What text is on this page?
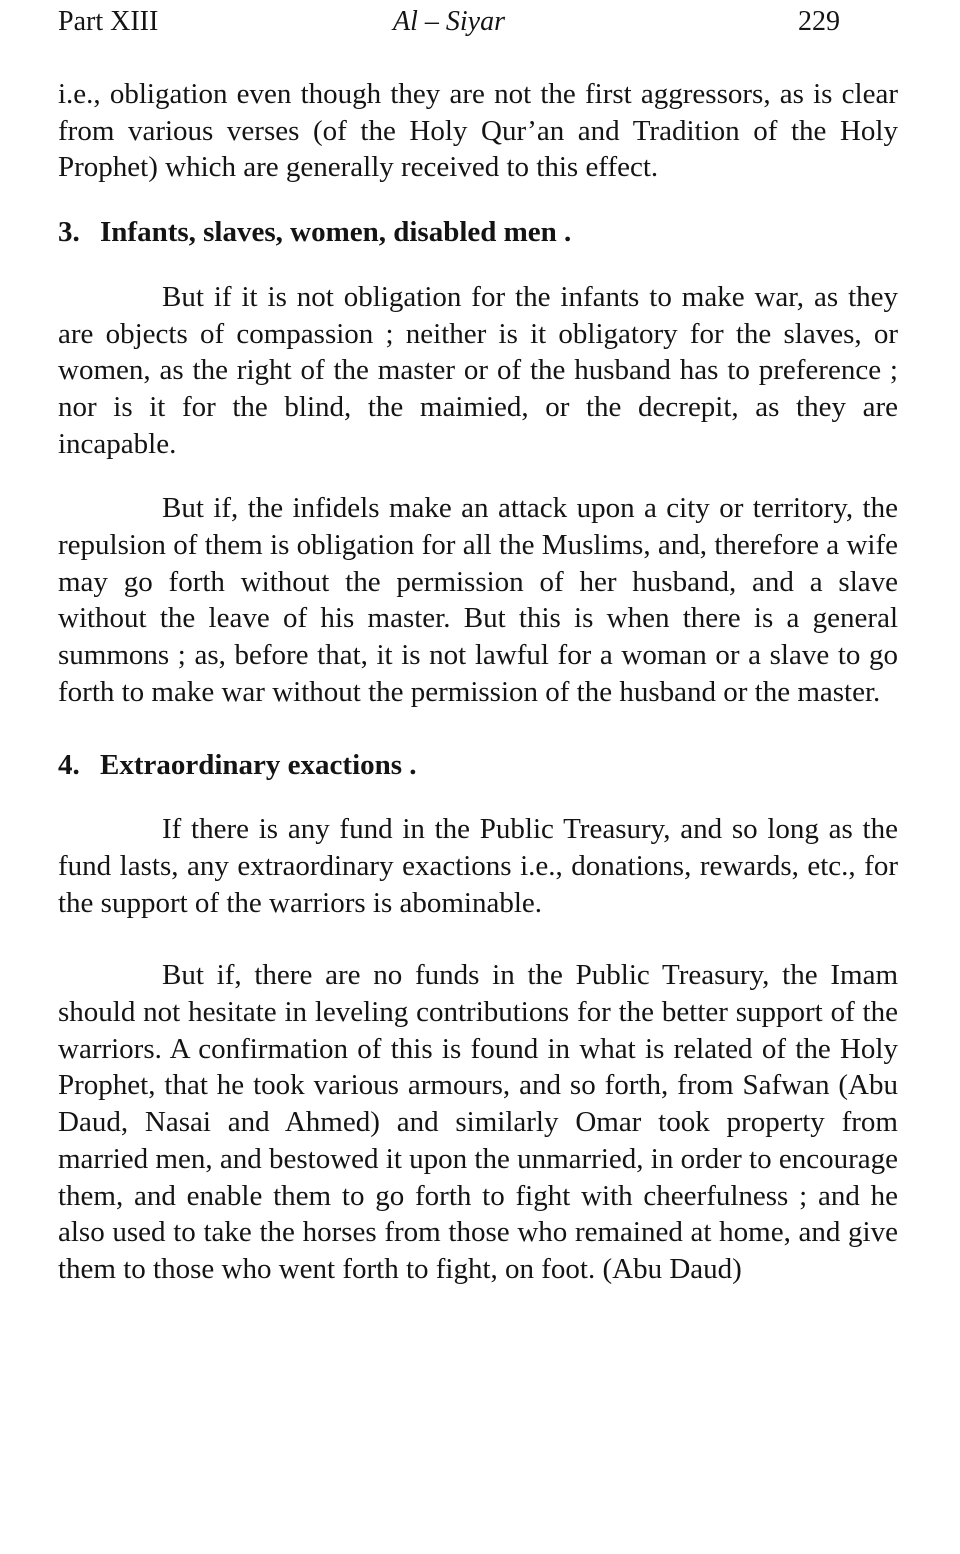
Part XIII	Al – Siyar	229

i.e., obligation even though they are not the first aggressors, as is clear from various verses (of the Holy Qur’an and Tradition of the Holy Prophet) which are generally received to this effect.

3. Infants, slaves, women, disabled men .

But if it is not obligation for the infants to make war, as they are objects of compassion ; neither is it obligatory for the slaves, or women, as the right of the master or of the husband has to preference ; nor is it for the blind, the maimied, or the decrepit, as they are incapable.

But if, the infidels make an attack upon a city or territory, the repulsion of them is obligation for all the Muslims, and, therefore a wife may go forth without the permission of her husband, and a slave without the leave of his master. But this is when there is a general summons ; as, before that, it is not lawful for a woman or a slave to go forth to make war without the permission of the husband or the master.

4. Extraordinary exactions .

If there is any fund in the Public Treasury, and so long as the fund lasts, any extraordinary exactions i.e., donations, rewards, etc., for the support of the warriors is abominable.

But if, there are no funds in the Public Treasury, the Imam should not hesitate in leveling contributions for the better support of the warriors. A confirmation of this is found in what is related of the Holy Prophet, that he took various armours, and so forth, from Safwan (Abu Daud, Nasai and Ahmed) and similarly Omar took property from married men, and bestowed it upon the unmarried, in order to encourage them, and enable them to go forth to fight with cheerfulness ; and he also used to take the horses from those who remained at home, and give them to those who went forth to fight, on foot. (Abu Daud)
